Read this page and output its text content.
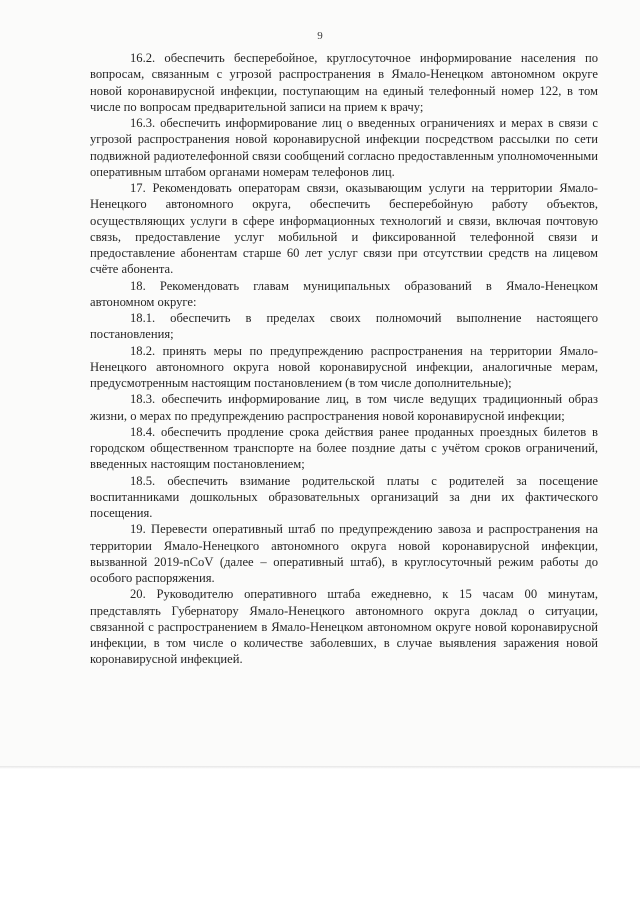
9

16.2. обеспечить бесперебойное, круглосуточное информирование населения по вопросам, связанным с угрозой распространения в Ямало-Ненецком автономном округе новой коронавирусной инфекции, поступающим на единый телефонный номер 122, в том числе по вопросам предварительной записи на прием к врачу;

16.3. обеспечить информирование лиц о введенных ограничениях и мерах в связи с угрозой распространения новой коронавирусной инфекции посредством рассылки по сети подвижной радиотелефонной связи сообщений согласно предоставленным уполномоченными оперативным штабом органами номерам телефонов лиц.

17. Рекомендовать операторам связи, оказывающим услуги на территории Ямало-Ненецкого автономного округа, обеспечить бесперебойную работу объектов, осуществляющих услуги в сфере информационных технологий и связи, включая почтовую связь, предоставление услуг мобильной и фиксированной телефонной связи и предоставление абонентам старше 60 лет услуг связи при отсутствии средств на лицевом счёте абонента.

18. Рекомендовать главам муниципальных образований в Ямало-Ненецком автономном округе:

18.1. обеспечить в пределах своих полномочий выполнение настоящего постановления;

18.2. принять меры по предупреждению распространения на территории Ямало-Ненецкого автономного округа новой коронавирусной инфекции, аналогичные мерам, предусмотренным настоящим постановлением (в том числе дополнительные);

18.3. обеспечить информирование лиц, в том числе ведущих традиционный образ жизни, о мерах по предупреждению распространения новой коронавирусной инфекции;

18.4. обеспечить продление срока действия ранее проданных проездных билетов в городском общественном транспорте на более поздние даты с учётом сроков ограничений, введенных настоящим постановлением;

18.5. обеспечить взимание родительской платы с родителей за посещение воспитанниками дошкольных образовательных организаций за дни их фактического посещения.

19. Перевести оперативный штаб по предупреждению завоза и распространения на территории Ямало-Ненецкого автономного округа новой коронавирусной инфекции, вызванной 2019-nCoV (далее – оперативный штаб), в круглосуточный режим работы до особого распоряжения.

20. Руководителю оперативного штаба ежедневно, к 15 часам 00 минутам, представлять Губернатору Ямало-Ненецкого автономного округа доклад о ситуации, связанной с распространением в Ямало-Ненецком автономном округе новой коронавирусной инфекции, в том числе о количестве заболевших, в случае выявления заражения новой коронавирусной инфекцией.
